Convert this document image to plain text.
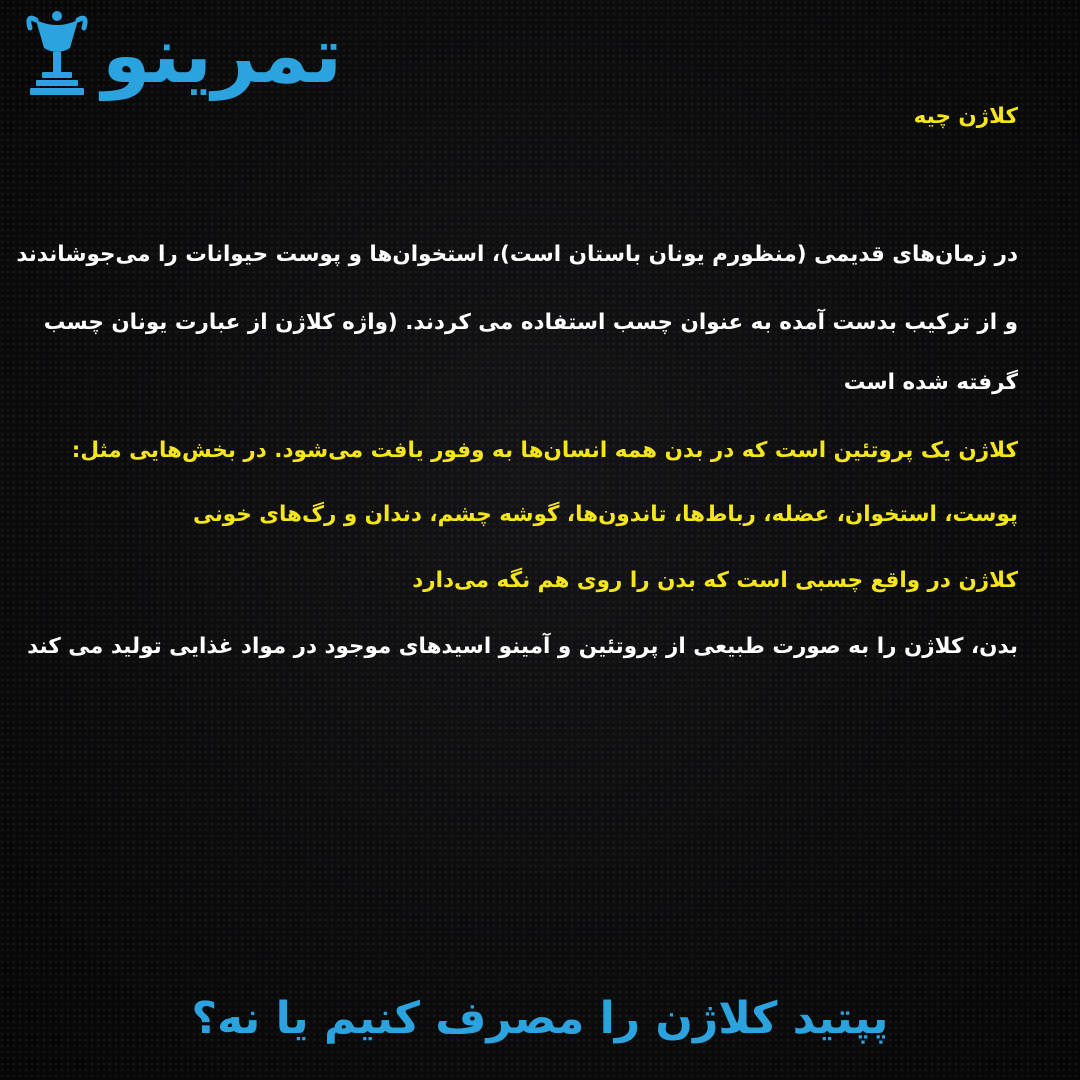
تمرینو
کلاژن چیه
در زمان‌های قدیمی (منظورم یونان باستان است)، استخوان‌ها و پوست حیوانات را می‌جوشاندند
و از ترکیب بدست آمده به عنوان چسب استفاده می کردند. (واژه کلاژن از عبارت یونان چسب
گرفته شده است
کلاژن یک پروتئین است که در بدن همه انسان‌ها به وفور یافت می‌شود. در بخش‌هایی مثل:
پوست، استخوان، عضله، رباط‌ها، تاندون‌ها، گوشه چشم، دندان و رگ‌های خونی
کلاژن در واقع چسبی است که بدن را روی هم نگه می‌دارد
بدن، کلاژن را به صورت طبیعی از پروتئین و آمینو اسیدهای موجود در مواد غذایی تولید می کند
پپتید کلاژن را مصرف کنیم یا نه؟
